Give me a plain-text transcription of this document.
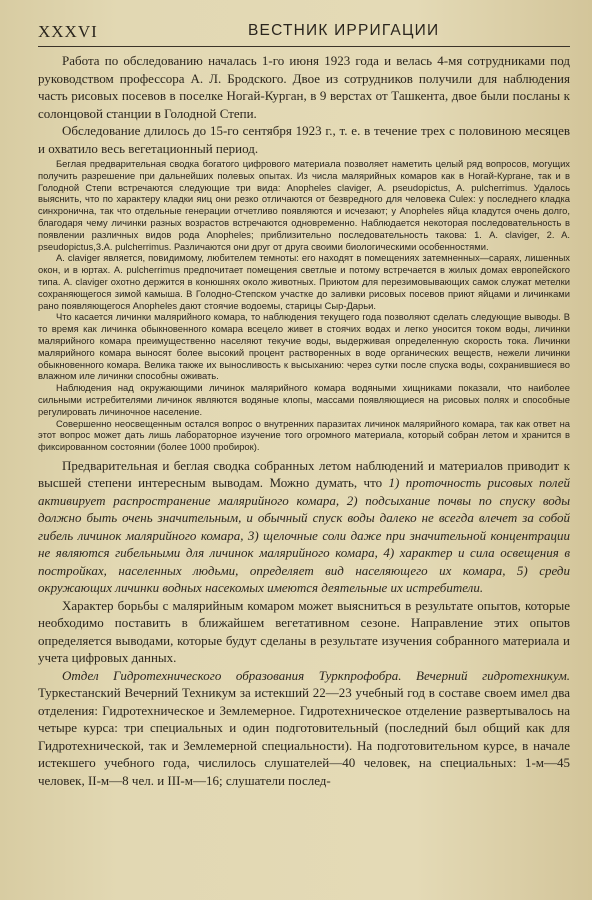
XXXVI	ВЕСТНИК ИРРИГАЦИИ

Работа по обследованию началась 1-го июня 1923 года и велась 4-мя сотрудниками под руководством профессора А. Л. Бродского. Двое из сотрудников получили для наблюдения часть рисовых посевов в поселке Ногай-Курган, в 9 верстах от Ташкента, двое были посланы к солонцовой станции в Голодной Степи.

Обследование длилось до 15-го сентября 1923 г., т. е. в течение трех с половиною месяцев и охватило весь вегетационный период.

Беглая предварительная сводка богатого цифрового материала позволяет наметить целый ряд вопросов, могущих получить разрешение при дальнейших полевых опытах. Из числа малярийных комаров как в Ногай-Кургане, так и в Голодной Степи встречаются следующие три вида: Anopheles claviger, A. pseudopictus, A. pulcherrimus. Удалось выяснить, что по характеру кладки яиц они резко отличаются от безвредного для человека Culex: у последнего кладка синхронична, так что отдельные генерации отчетливо появляются и исчезают; у Anopheles яйца кладутся очень долго, благодаря чему личинки разных возрастов встречаются одновременно. Наблюдается некоторая последовательность в появлении различных видов рода Anopheles; приблизительно последовательность такова: 1. A. claviger, 2. A. pseudopictus,3.A. pulcherrimus. Различаются они друг от друга своими биологическими особенностями.

A. claviger является, повидимому, любителем темноты: его находят в помещениях затемненных—сараях, лишенных окон, и в юртах. A. pulcherrimus предпочитает помещения светлые и потому встречается в жилых домах европейского типа. A. claviger охотно держится в конюшнях около животных. Приютом для перезимовывающих самок служат метелки сохраняющегося зимой камыша. В Голодно-Степском участке до заливки рисовых посевов приют яйцами и личинками рано появляющегося Anopheles дают стоячие водоемы, старицы Сыр-Дарьи.

Что касается личинки малярийного комара, то наблюдения текущего года позволяют сделать следующие выводы. В то время как личинка обыкновенного комара всецело живет в стоячих водах и легко уносится током воды, личинки малярийного комара преимущественно населяют текучие воды, выдерживая определенную скорость тока. Личинки малярийного комара выносят более высокий процент растворенных в воде органических веществ, нежели личинки обыкновенного комара. Велика также их выносливость к высыханию: через сутки после спуска воды, сохранившиеся во влажном иле личинки способны оживать.

Наблюдения над окружающими личинок малярийного комара водяными хищниками показали, что наиболее сильными истребителями личинок являются водяные клопы, массами появляющиеся на рисовых полях и способные регулировать личиночное население.

Совершенно неосвещенным остался вопрос о внутренних паразитах личинок малярийного комара, так как ответ на этот вопрос может дать лишь лабораторное изучение того огромного материала, который собран летом и хранится в фиксированном состоянии (более 1000 пробирок).

Предварительная и беглая сводка собранных летом наблюдений и материалов приводит к высшей степени интересным выводам. Можно думать, что 1) проточность рисовых полей активирует распространение малярийного комара, 2) подсыхание почвы по спуску воды должно быть очень значительным, и обычный спуск воды далеко не всегда влечет за собой гибель личинок малярийного комара, 3) щелочные соли даже при значительной концентрации не являются гибельными для личинок малярийного комара, 4) характер и сила освещения в постройках, населенных людьми, определяет вид населяющего их комара, 5) среди окружающих личинки водных насекомых имеются деятельные их истребители.

Характер борьбы с малярийным комаром может выясниться в результате опытов, которые необходимо поставить в ближайшем вегетативном сезоне. Направление этих опытов определяется выводами, которые будут сделаны в результате изучения собранного материала и учета цифровых данных.

Отдел Гидротехнического образования Туркпрофобра. Вечерний гидротехникум. Туркестанский Вечерний Техникум за истекший 22—23 учебный год в составе своем имел два отделения: Гидротехническое и Землемерное. Гидротехническое отделение развертывалось на четыре курса: три специальных и один подготовительный (последний был общий как для Гидротехнической, так и Землемерной специальности). На подготовительном курсе, в начале истекшего учебного года, числилось слушателей—40 человек, на специальных: 1-м—45 человек, II-м—8 чел. и III-м—16; слушатели послед-
